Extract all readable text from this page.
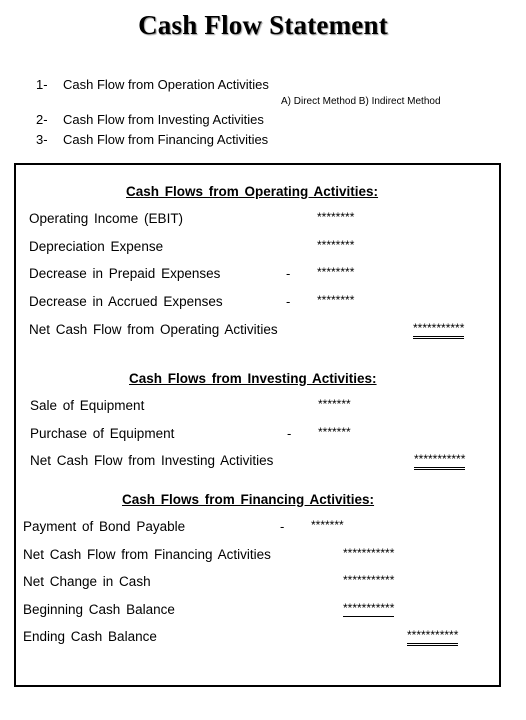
Cash Flow Statement
1- Cash Flow from Operation Activities
A) Direct Method B) Indirect Method
2- Cash Flow from Investing Activities
3- Cash Flow from Financing Activities
Cash Flows from Operating Activities:
Operating Income (EBIT)	********
Depreciation Expense	********
Decrease in Prepaid Expenses	- ********
Decrease in Accrued Expenses	- ********
Net Cash Flow from Operating Activities	***********
Cash Flows from Investing Activities:
Sale of Equipment	*******
Purchase of Equipment	- *******
Net Cash Flow from Investing Activities	***********
Cash Flows from Financing Activities:
Payment of Bond Payable	- *******
Net Cash Flow from Financing Activities	***********
Net Change in Cash	***********
Beginning Cash Balance	***********
Ending Cash Balance	***********
